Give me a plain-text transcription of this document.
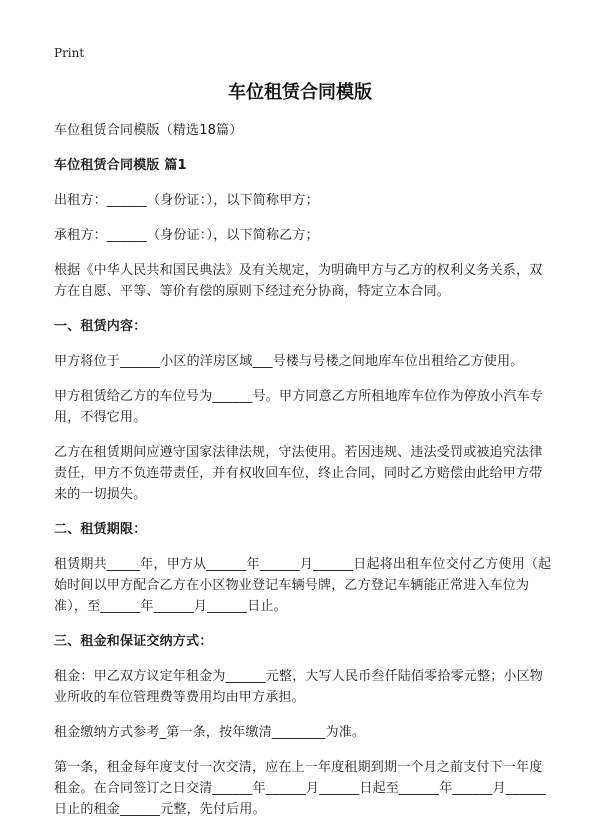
Print
车位租赁合同模版

车位租赁合同模版（精选18篇）

车位租赁合同模版 篇1

出租方：______（身份证：），以下简称甲方；

承租方：______（身份证：），以下简称乙方；

根据《中华人民共和国民典法》及有关规定，为明确甲方与乙方的权利义务关系，双方在自愿、平等、等价有偿的原则下经过充分协商，特定立本合同。

一、租赁内容：

甲方将位于______小区的洋房区域___号楼与号楼之间地库车位出租给乙方使用。

甲方租赁给乙方的车位号为______号。甲方同意乙方所租地库车位作为停放小汽车专用，不得它用。

乙方在租赁期间应遵守国家法律法规，守法使用。若因违规、违法受罚或被追究法律责任，甲方不负连带责任，并有权收回车位，终止合同，同时乙方赔偿由此给甲方带来的一切损失。

二、租赁期限：

租赁期共_____年，甲方从______年______月______日起将出租车位交付乙方使用（起始时间以甲方配合乙方在小区物业登记车辆号牌，乙方登记车辆能正常进入车位为准），至______年______月______日止。

三、租金和保证交纳方式：

租金：甲乙双方议定年租金为______元整，大写人民币叁仟陆佰零拾零元整；小区物业所收的车位管理费等费用均由甲方承担。

租金缴纳方式参考_第一条，按年缴清________为准。

第一条，租金每年度支付一次交清，应在上一年度租期到期一个月之前支付下一年度租金。在合同签订之日交清______年______月______日起至______年______月______日止的租金______元整，先付后用。
